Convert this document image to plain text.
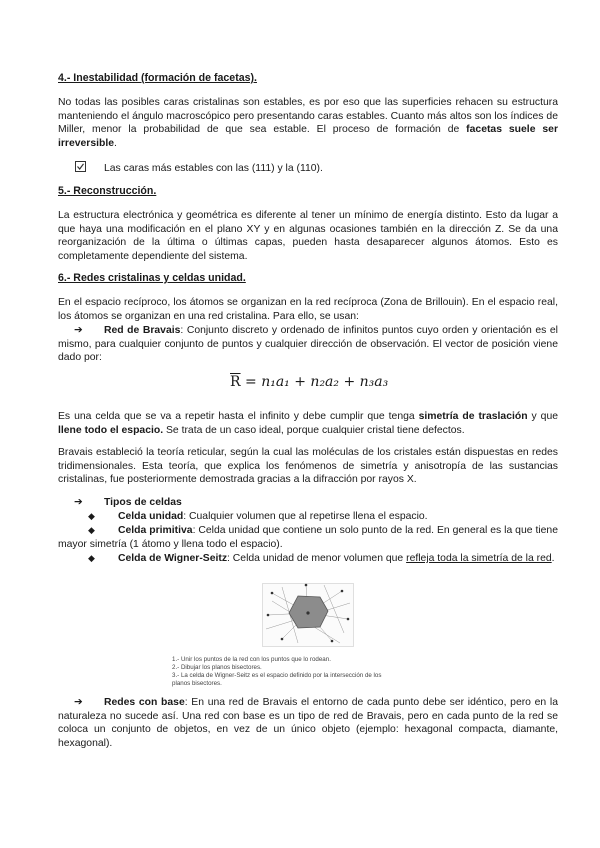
4.- Inestabilidad (formación de facetas).
No todas las posibles caras cristalinas son estables, es por eso que las superficies rehacen su estructura manteniendo el ángulo macroscópico pero presentando caras estables. Cuanto más altos son los índices de Miller, menor la probabilidad de que sea estable. El proceso de formación de facetas suele ser irreversible.
Las caras más estables con las (111) y la (110).
5.- Reconstrucción.
La estructura electrónica y geométrica es diferente al tener un mínimo de energía distinto. Esto da lugar a que haya una modificación en el plano XY y en algunas ocasiones también en la dirección Z. Se da una reorganización de la última o últimas capas, pueden hasta desaparecer algunos átomos. Esto es completamente dependiente del sistema.
6.- Redes cristalinas y celdas unidad.
En el espacio recíproco, los átomos se organizan en la red recíproca (Zona de Brillouin). En el espacio real, los átomos se organizan en una red cristalina. Para ello, se usan:
➔ Red de Bravais: Conjunto discreto y ordenado de infinitos puntos cuyo orden y orientación es el mismo, para cualquier conjunto de puntos y cualquier dirección de observación. El vector de posición viene dado por:
$\overline{R} = n_1a_1 + n_2a_2 + n_3a_3$
Es una celda que se va a repetir hasta el infinito y debe cumplir que tenga simetría de traslación y que llene todo el espacio. Se trata de un caso ideal, porque cualquier cristal tiene defectos.
Bravais estableció la teoría reticular, según la cual las moléculas de los cristales están dispuestas en redes tridimensionales. Esta teoría, que explica los fenómenos de simetría y anisotropía de las sustancias cristalinas, fue posteriormente demostrada gracias a la difracción por rayos X.
➔ Tipos de celdas
◆ Celda unidad: Cualquier volumen que al repetirse llena el espacio.
◆ Celda primitiva: Celda unidad que contiene un solo punto de la red. En general es la que tiene mayor simetría (1 átomo y llena todo el espacio).
◆ Celda de Wigner-Seitz: Celda unidad de menor volumen que refleja toda la simetría de la red.
1.- Unir los puntos de la red con los puntos que lo rodean.
2.- Dibujar los planos bisectores.
3.- La celda de Wigner-Seitz es el espacio definido por la intersección de los
planos bisectores.
➔ Redes con base: En una red de Bravais el entorno de cada punto debe ser idéntico, pero en la naturaleza no sucede así. Una red con base es un tipo de red de Bravais, pero en cada punto de la red se coloca un conjunto de objetos, en vez de un único objeto (ejemplo: hexagonal compacta, diamante, hexagonal).
